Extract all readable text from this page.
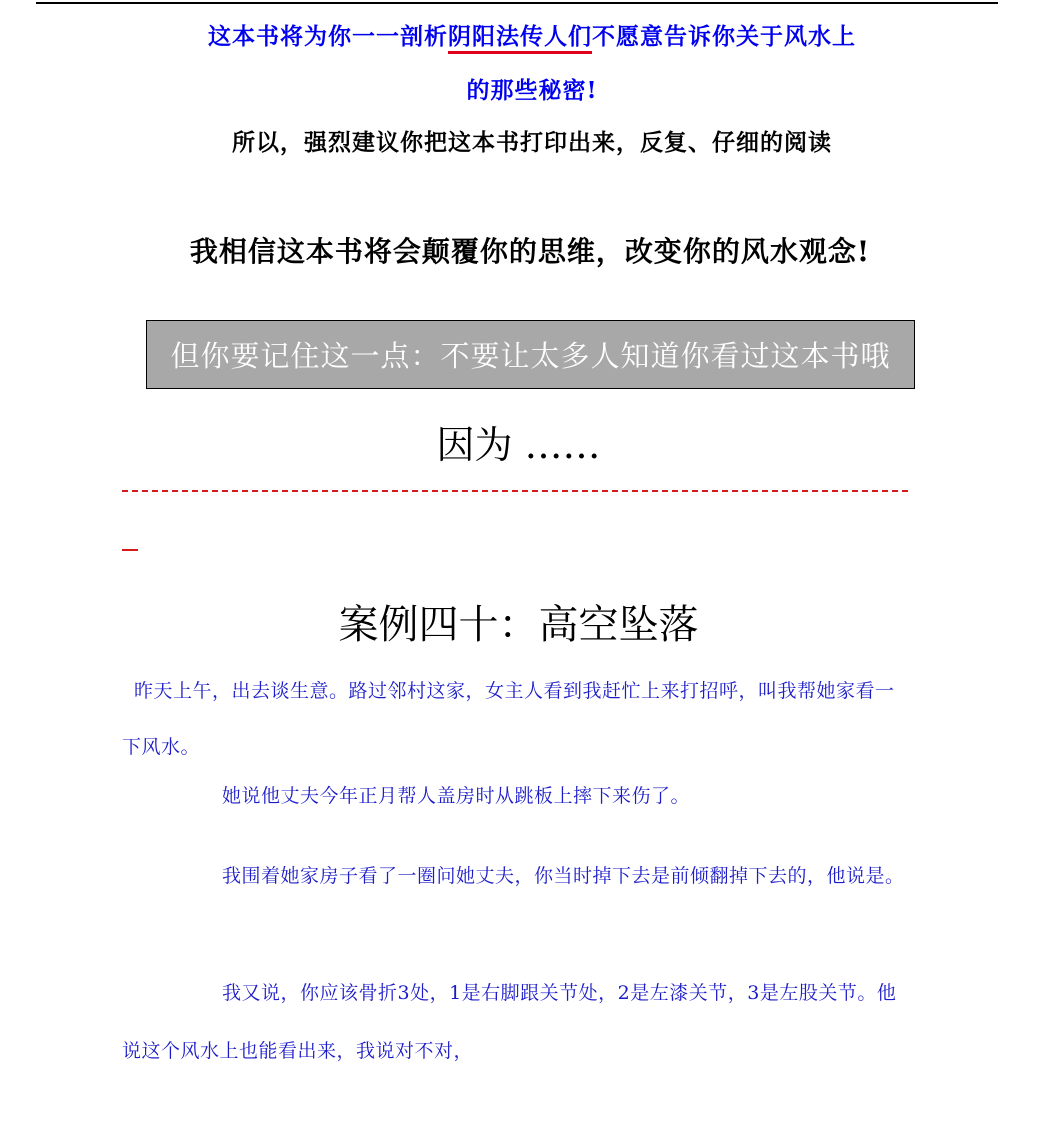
这本书将为你一一剖析阴阳法传人们不愿意告诉你关于风水上
的那些秘密!
所以，强烈建议你把这本书打印出来，反复、仔细的阅读
我相信这本书将会颠覆你的思维，改变你的风水观念!
但你要记住这一点：不要让太多人知道你看过这本书哦
因为 ……
案例四十：高空坠落
昨天上午，出去谈生意。路过邻村这家，女主人看到我赶忙上来打招呼，叫我帮她家看一下风水。
她说他丈夫今年正月帮人盖房时从跳板上摔下来伤了。
我围着她家房子看了一圈问她丈夫，你当时掉下去是前倾翻掉下去的，他说是。
我又说，你应该骨折3处，1是右脚跟关节处，2是左漆关节，3是左股关节。他说这个风水上也能看出来，我说对不对，
